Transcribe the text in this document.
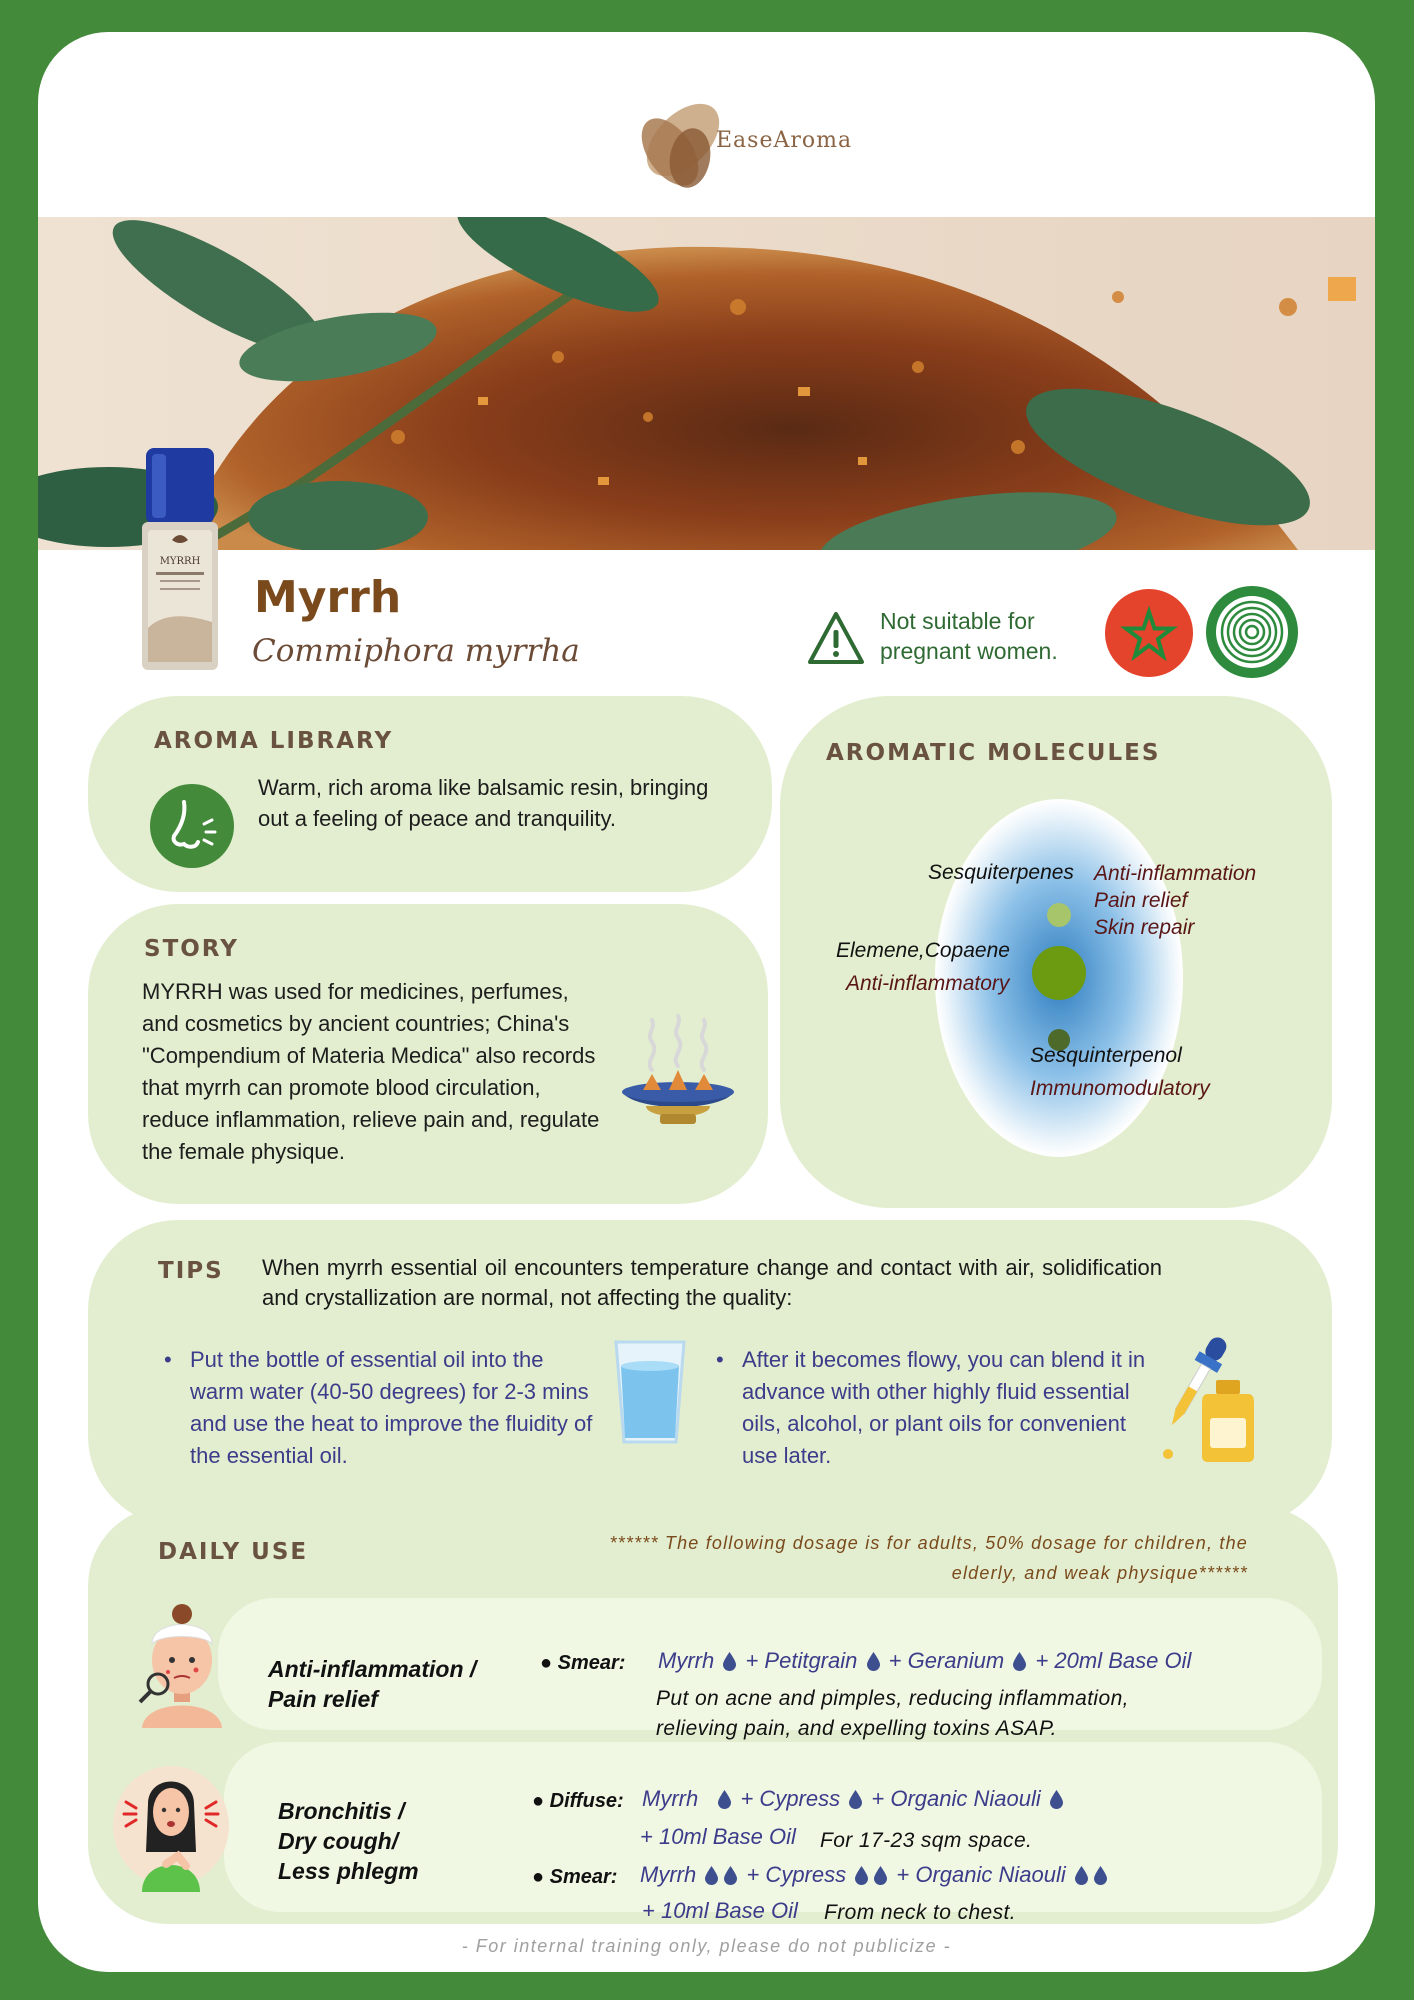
EaseAroma
MYRRH
Myrrh
Commiphora myrrha
Not suitable for pregnant women.
AROMA LIBRARY
Warm, rich aroma like balsamic resin, bringing out a feeling of peace and tranquility.
STORY
MYRRH was used for medicines, perfumes, and cosmetics by ancient countries; China's "Compendium of Materia Medica" also records that myrrh can promote blood circulation, reduce inflammation, relieve pain and, regulate the female physique.
AROMATIC MOLECULES
Sesquiterpenes Anti-inflammation
Pain relief
Skin repair
Elemene,Copaene
Anti-inflammatory
Sesquinterpenol
Immunomodulatory
TIPS When myrrh essential oil encounters temperature change and contact with air, solidification and crystallization are normal, not affecting the quality:
• Put the bottle of essential oil into the warm water (40-50 degrees) for 2-3 mins and use the heat to improve the fluidity of the essential oil.
• After it becomes flowy, you can blend it in advance with other highly fluid essential oils, alcohol, or plant oils for convenient use later.
DAILY USE	****** The following dosage is for adults, 50% dosage for children, the elderly, and weak physique******
Anti-inflammation /
Pain relief
● Smear: Myrrh + Petitgrain + Geranium + 20ml Base Oil
Put on acne and pimples, reducing inflammation, relieving pain, and expelling toxins ASAP.
Bronchitis /
Dry cough/
Less phlegm
● Diffuse: Myrrh + Cypress + Organic Niaouli
+ 10ml Base Oil For 17-23 sqm space.
● Smear: Myrrh + Cypress + Organic Niaouli
- For internal training only, please do not publicize -
+ 10ml Base Oil From neck to chest.
